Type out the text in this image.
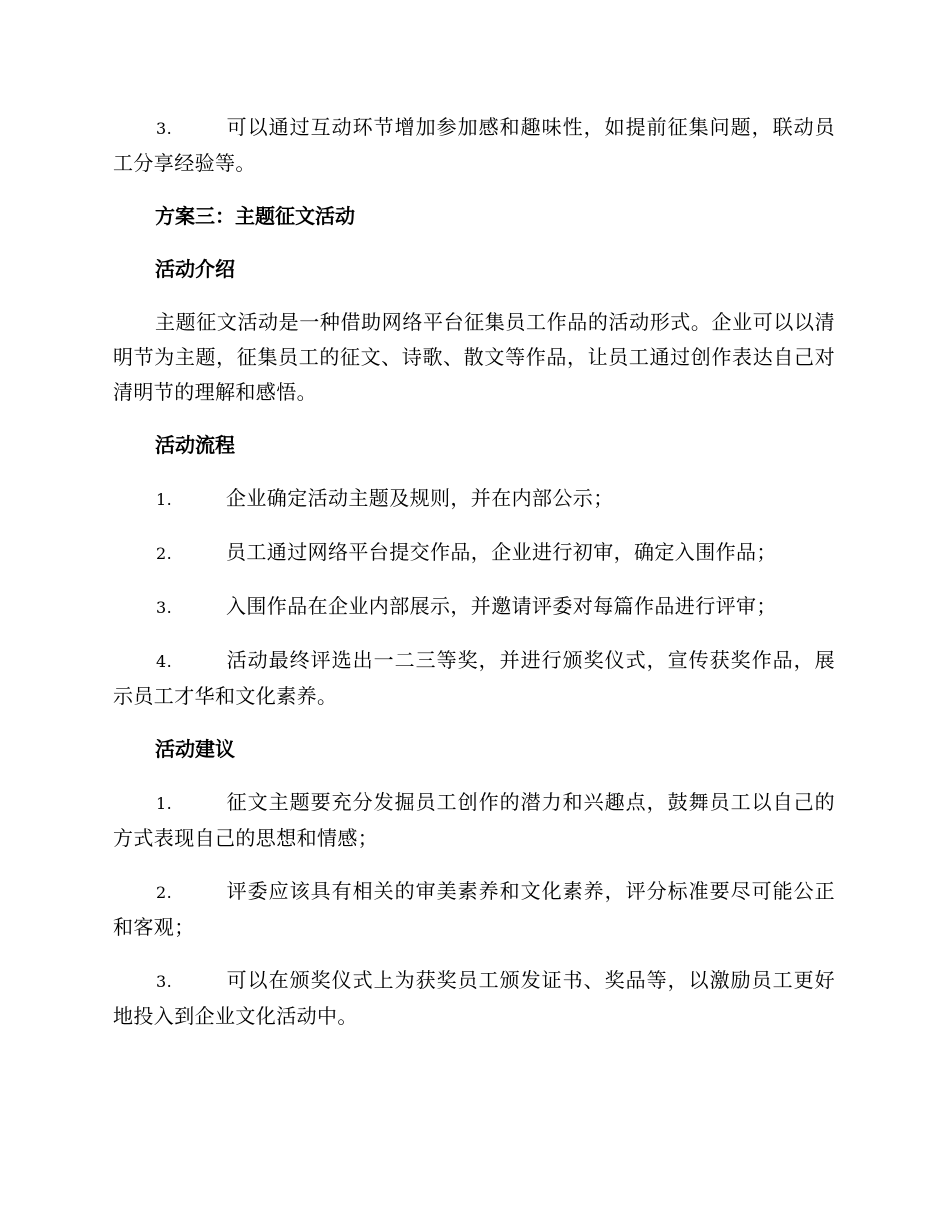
3.	可以通过互动环节增加参加感和趣味性，如提前征集问题，联动员工分享经验等。

方案三：主题征文活动
活动介绍

主题征文活动是一种借助网络平台征集员工作品的活动形式。企业可以以清明节为主题，征集员工的征文、诗歌、散文等作品，让员工通过创作表达自己对清明节的理解和感悟。

活动流程

1.	企业确定活动主题及规则，并在内部公示；

2.	员工通过网络平台提交作品，企业进行初审，确定入围作品；

3.	入围作品在企业内部展示，并邀请评委对每篇作品进行评审；

4.	活动最终评选出一二三等奖，并进行颁奖仪式，宣传获奖作品，展示员工才华和文化素养。

活动建议

1.	征文主题要充分发掘员工创作的潜力和兴趣点，鼓舞员工以自己的方式表现自己的思想和情感；

2.	评委应该具有相关的审美素养和文化素养，评分标准要尽可能公正和客观；

3.	可以在颁奖仪式上为获奖员工颁发证书、奖品等，以激励员工更好地投入到企业文化活动中。
